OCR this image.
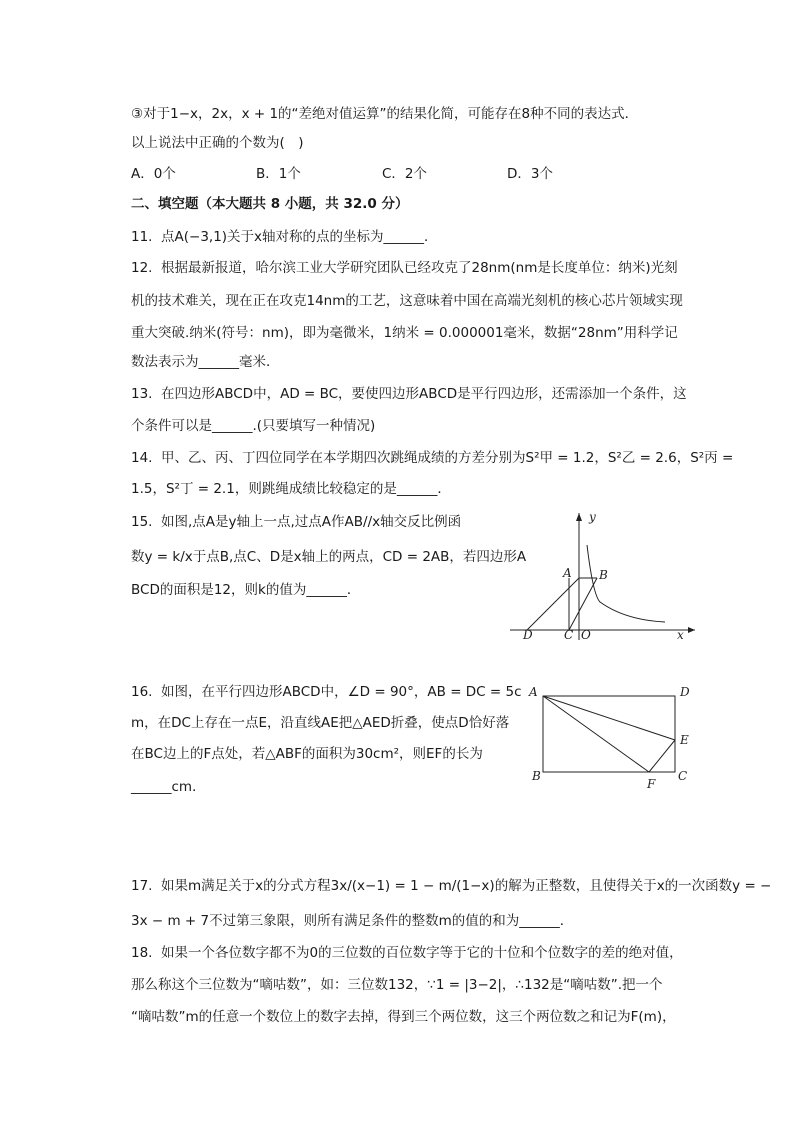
③对于1−x，2x，x + 1的“差绝对值运算”的结果化简，可能存在8种不同的表达式．
以上说法中正确的个数为(　)
A．0个	B．1个	C．2个	D．3个
二、填空题（本大题共 8 小题，共 32.0 分）
11. 点A(−3,1)关于x轴对称的点的坐标为______．
12. 根据最新报道，哈尔滨工业大学研究团队已经攻克了28nm(nm是长度单位：纳米)光刻
机的技术难关，现在正在攻克14nm的工艺，这意味着中国在高端光刻机的核心芯片领域实现
重大突破.纳米(符号：nm)，即为毫微米，1纳米 = 0.000001毫米，数据“28nm”用科学记
数法表示为______毫米．
13. 在四边形ABCD中，AD = BC，要使四边形ABCD是平行四边形，还需添加一个条件，这
个条件可以是______.(只要填写一种情况)
14. 甲、乙、丙、丁四位同学在本学期四次跳绳成绩的方差分别为S²甲 = 1.2，S²乙 = 2.6，S²丙 =
1.5，S²丁 = 2.1，则跳绳成绩比较稳定的是______．
15. 如图,点A是y轴上一点,过点A作AB//x轴交反比例函
数y = k/x于点B,点C、D是x轴上的两点，CD = 2AB，若四边形A
BCD的面积是12，则k的值为______．
y
A B
D	C O	x
16. 如图，在平行四边形ABCD中，∠D = 90°，AB = DC = 5c
m，在DC上存在一点E，沿直线AE把△AED折叠，使点D恰好落
在BC边上的F点处，若△ABF的面积为30cm²，则EF的长为
______cm．
A	D
E
B
F
C
17. 如果m满足关于x的分式方程3x/(x−1) = 1 − m/(1−x)的解为正整数，且使得关于x的一次函数y = −
3x − m + 7不过第三象限，则所有满足条件的整数m的值的和为______．
18. 如果一个各位数字都不为0的三位数的百位数字等于它的十位和个位数字的差的绝对值，
那么称这个三位数为“嘀咕数”，如：三位数132，∵1 = |3−2|，∴132是“嘀咕数”.把一个
“嘀咕数”m的任意一个数位上的数字去掉，得到三个两位数，这三个两位数之和记为F(m)，
